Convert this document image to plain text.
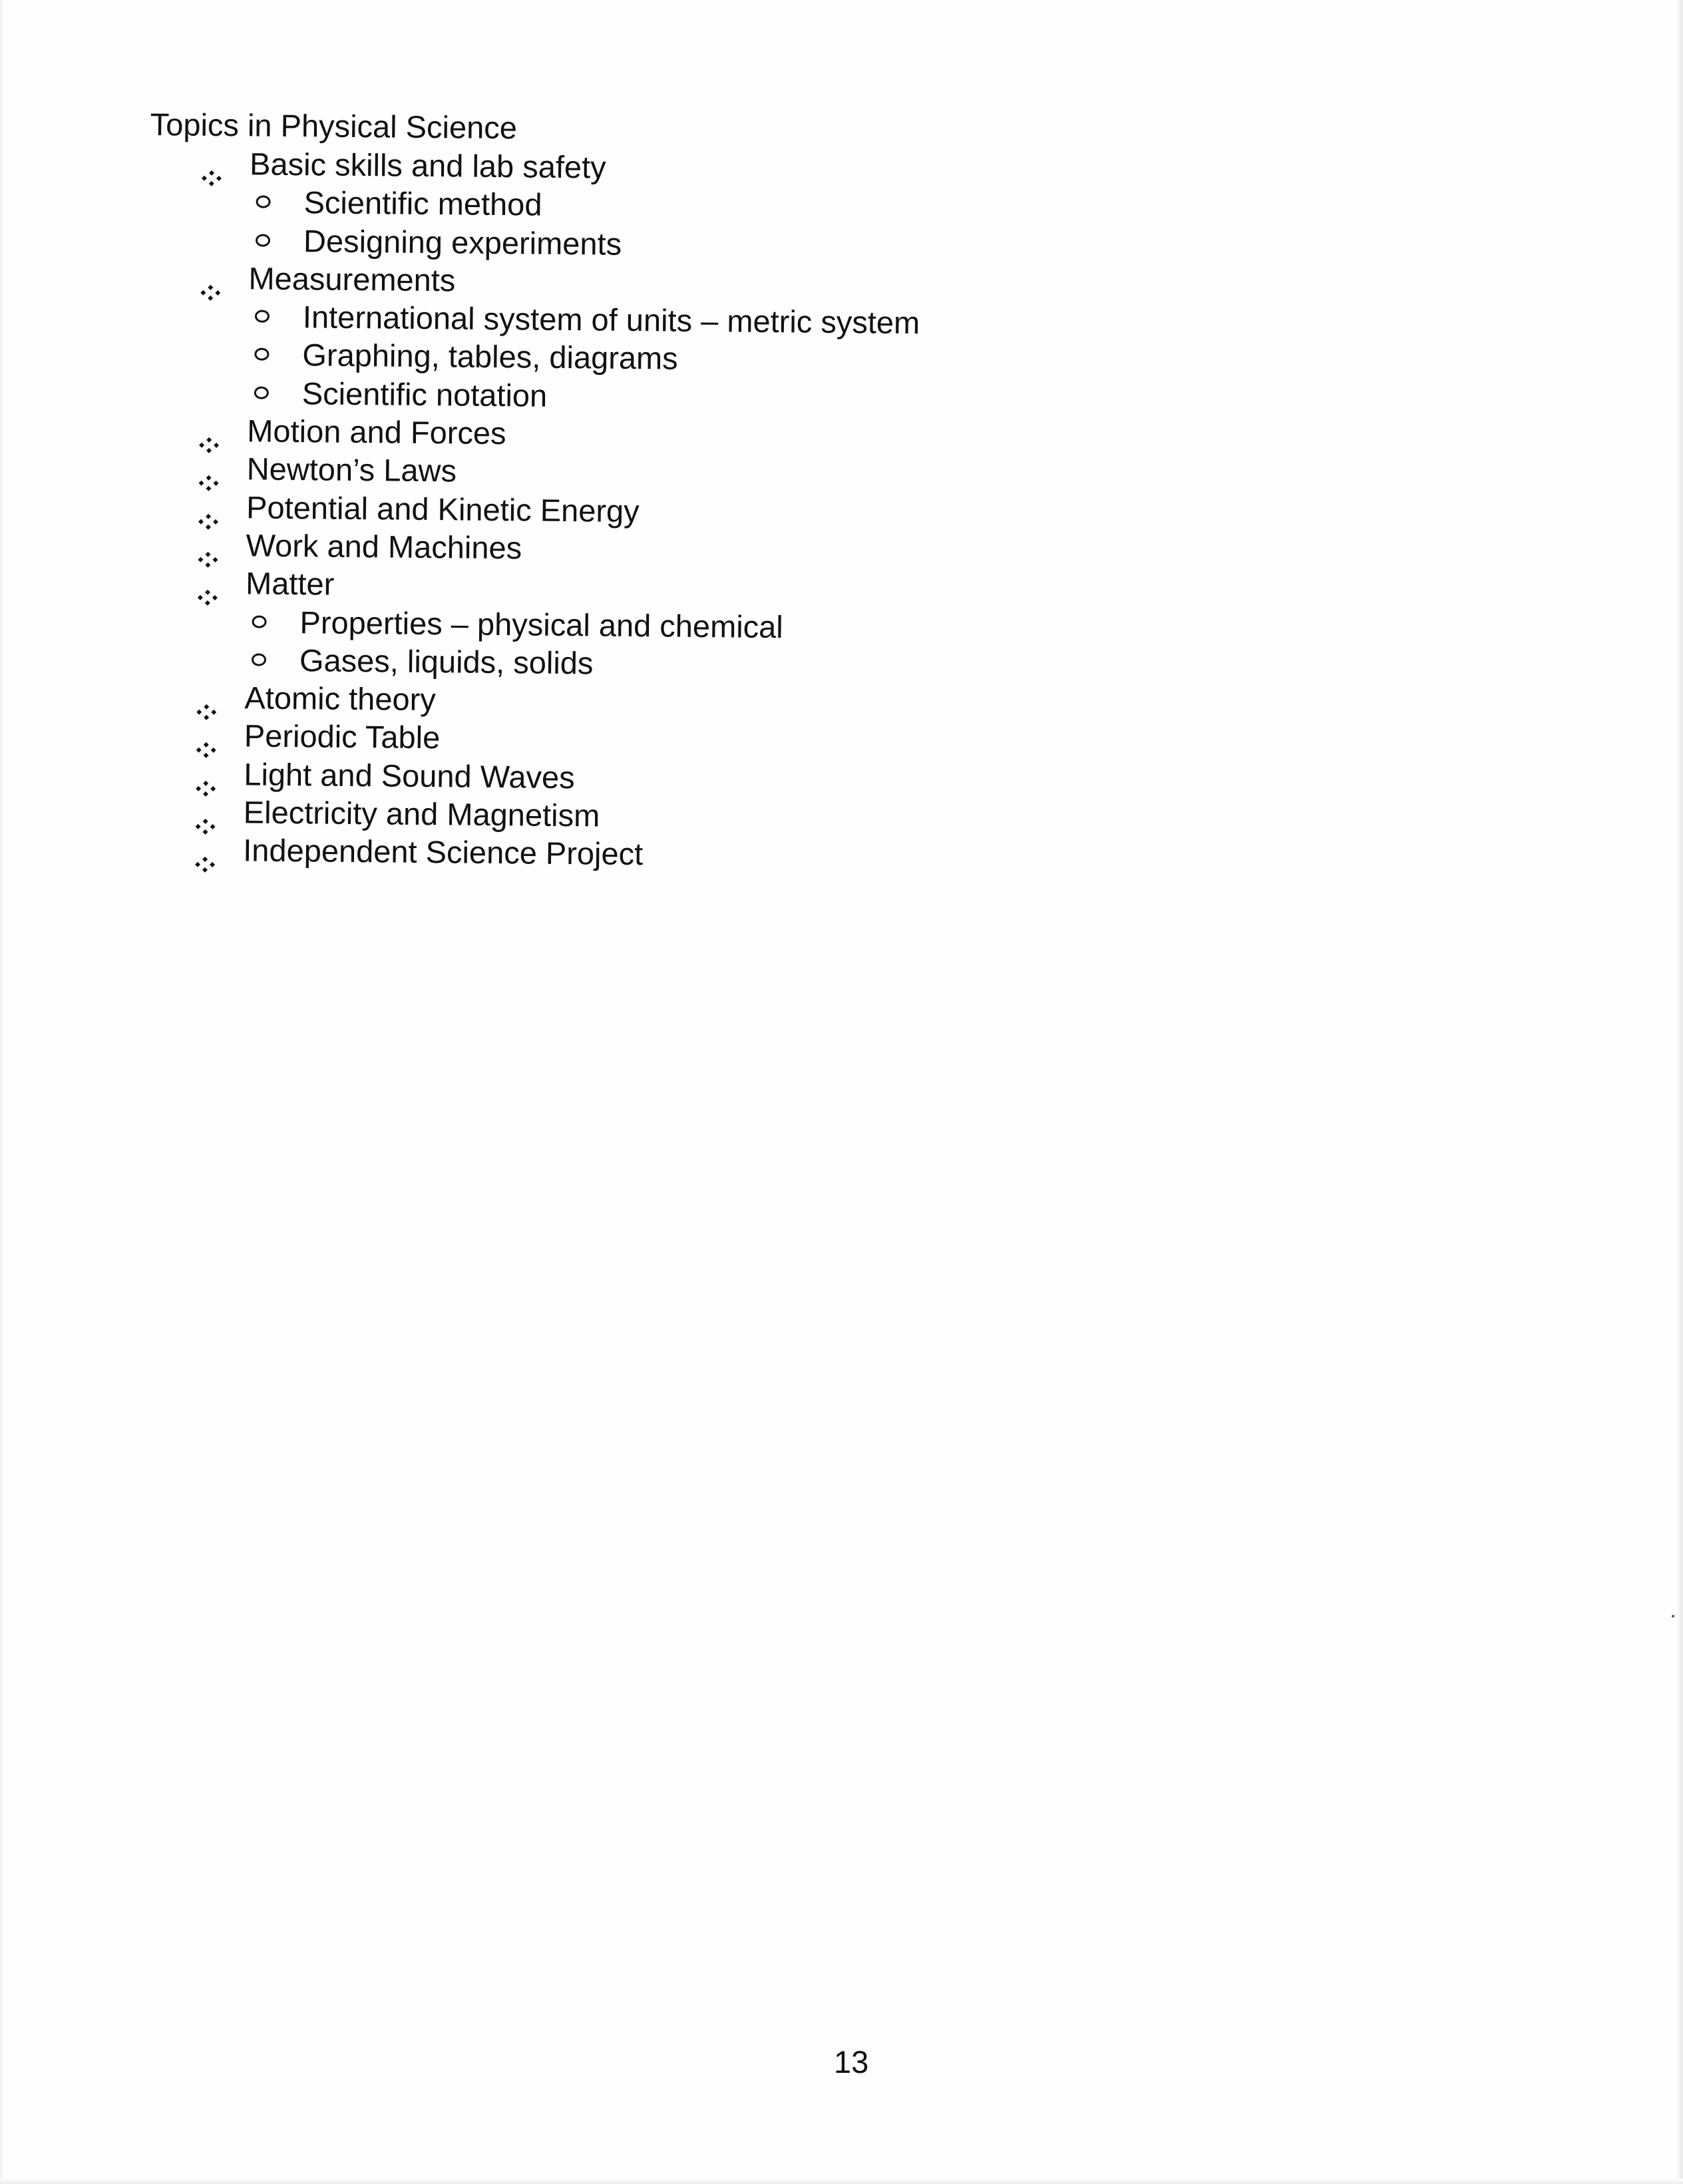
Topics in Physical Science
Basic skills and lab safety
Scientific method
Designing experiments
Measurements
International system of units – metric system
Graphing, tables, diagrams
Scientific notation
Motion and Forces
Newton’s Laws
Potential and Kinetic Energy
Work and Machines
Matter
Properties – physical and chemical
Gases, liquids, solids
Atomic theory
Periodic Table
Light and Sound Waves
Electricity and Magnetism
Independent Science Project
13
